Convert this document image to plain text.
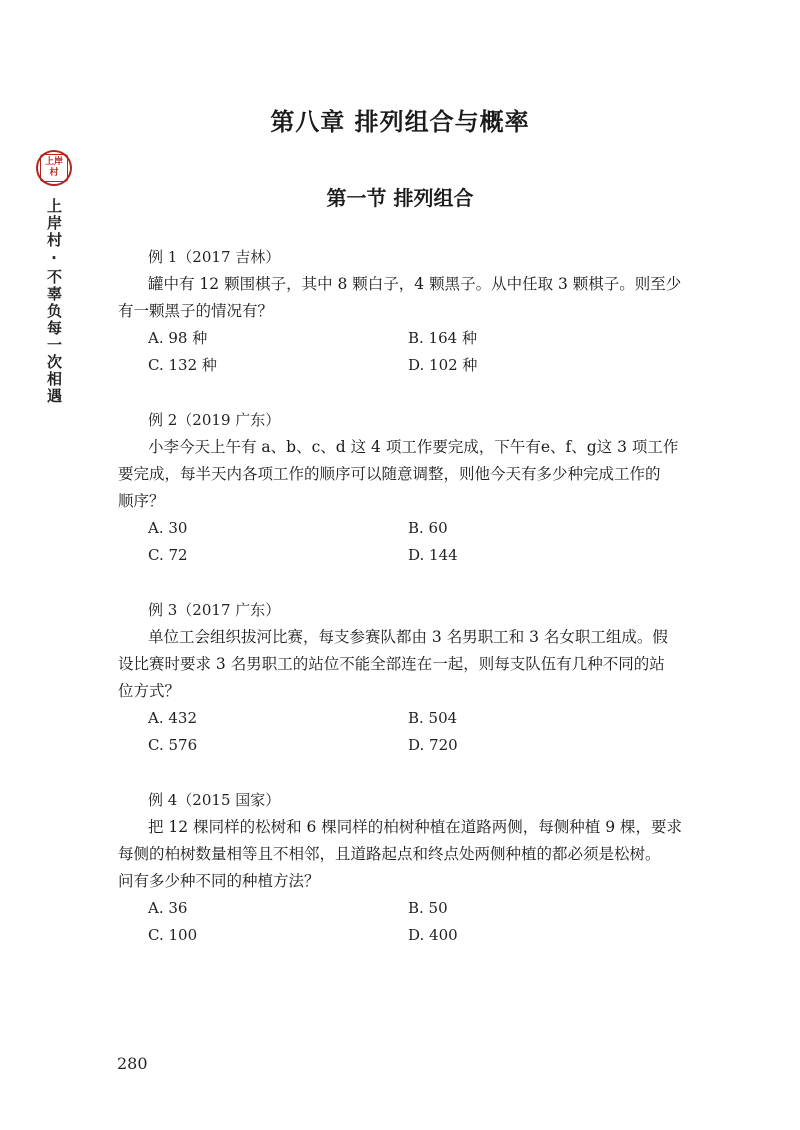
第八章 排列组合与概率
第一节 排列组合
上岸
村
上岸村·不辜负每一次相遇	例 1（2017 吉林）

罐中有 12 颗围棋子，其中 8 颗白子，4 颗黑子。从中任取 3 颗棋子。则至少

有一颗黑子的情况有？

A. 98 种	B. 164 种
C. 132 种	D. 102 种
例 2（2019 广东）

小李今天上午有 a、b、c、d 这 4 项工作要完成，下午有e、f、g这 3 项工作

要完成，每半天内各项工作的顺序可以随意调整，则他今天有多少种完成工作的

顺序？

A. 30	B. 60
C. 72	D. 144
例 3（2017 广东）

单位工会组织拔河比赛，每支参赛队都由 3 名男职工和 3 名女职工组成。假

设比赛时要求 3 名男职工的站位不能全部连在一起，则每支队伍有几种不同的站

位方式？

A. 432	B. 504
C. 576	D. 720
例 4（2015 国家）

把 12 棵同样的松树和 6 棵同样的柏树种植在道路两侧，每侧种植 9 棵，要求

每侧的柏树数量相等且不相邻，且道路起点和终点处两侧种植的都必须是松树。

问有多少种不同的种植方法？

A. 36	B. 50
C. 100	D. 400
280
